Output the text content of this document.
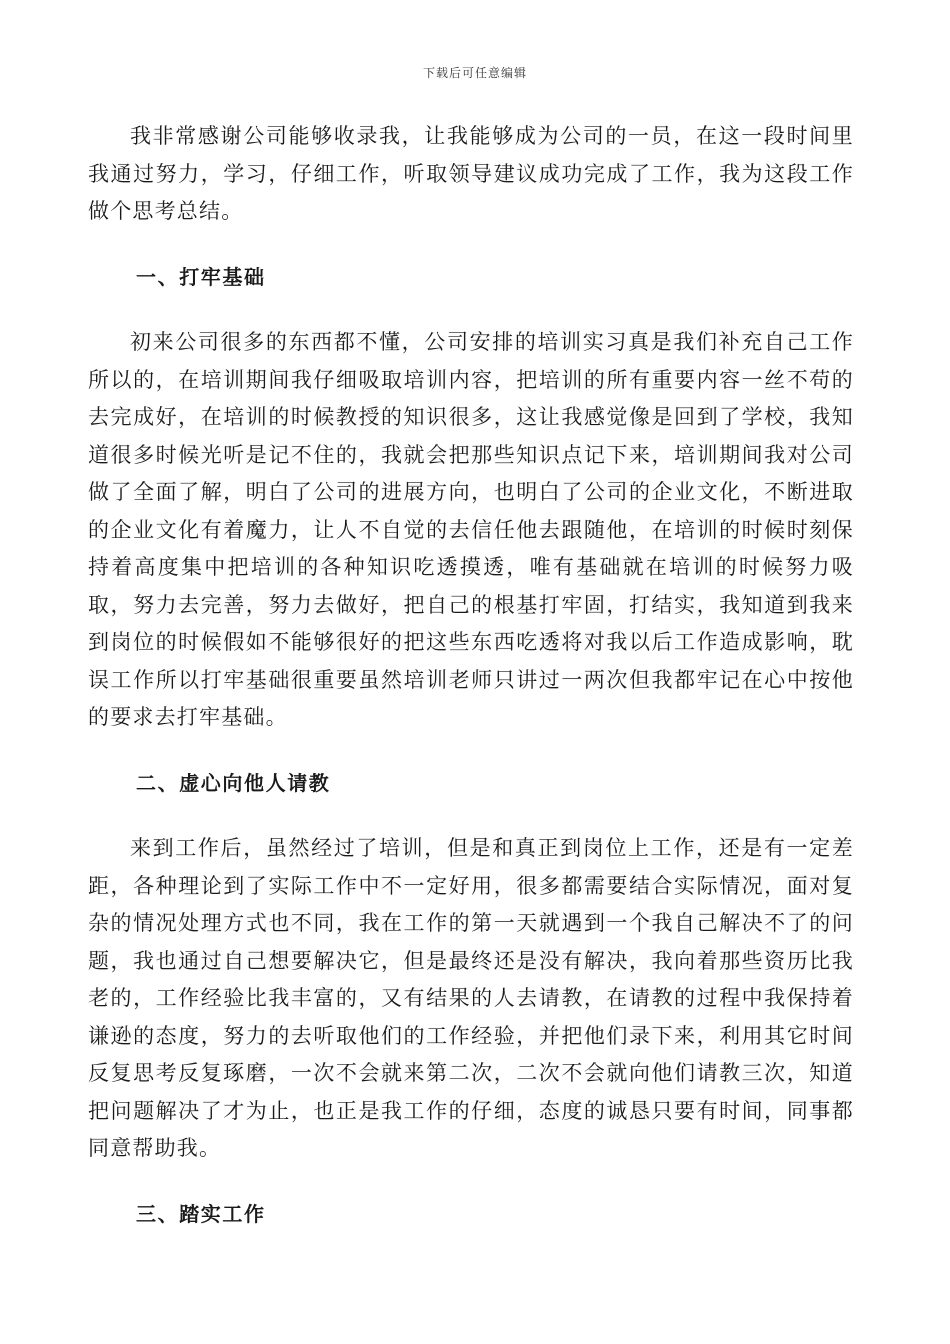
下载后可任意编辑

我非常感谢公司能够收录我，让我能够成为公司的一员，在这一段时间里我通过努力，学习，仔细工作，听取领导建议成功完成了工作，我为这段工作做个思考总结。

一、打牢基础

初来公司很多的东西都不懂，公司安排的培训实习真是我们补充自己工作所以的，在培训期间我仔细吸取培训内容，把培训的所有重要内容一丝不苟的去完成好，在培训的时候教授的知识很多，这让我感觉像是回到了学校，我知道很多时候光听是记不住的，我就会把那些知识点记下来，培训期间我对公司做了全面了解，明白了公司的进展方向，也明白了公司的企业文化，不断进取的企业文化有着魔力，让人不自觉的去信任他去跟随他，在培训的时候时刻保持着高度集中把培训的各种知识吃透摸透，唯有基础就在培训的时候努力吸取，努力去完善，努力去做好，把自己的根基打牢固，打结实，我知道到我来到岗位的时候假如不能够很好的把这些东西吃透将对我以后工作造成影响，耽误工作所以打牢基础很重要虽然培训老师只讲过一两次但我都牢记在心中按他的要求去打牢基础。

二、虚心向他人请教

来到工作后，虽然经过了培训，但是和真正到岗位上工作，还是有一定差距，各种理论到了实际工作中不一定好用，很多都需要结合实际情况，面对复杂的情况处理方式也不同，我在工作的第一天就遇到一个我自己解决不了的问题，我也通过自己想要解决它，但是最终还是没有解决，我向着那些资历比我老的，工作经验比我丰富的，又有结果的人去请教，在请教的过程中我保持着谦逊的态度，努力的去听取他们的工作经验，并把他们录下来，利用其它时间反复思考反复琢磨，一次不会就来第二次，二次不会就向他们请教三次，知道把问题解决了才为止，也正是我工作的仔细，态度的诚恳只要有时间，同事都同意帮助我。

三、踏实工作
